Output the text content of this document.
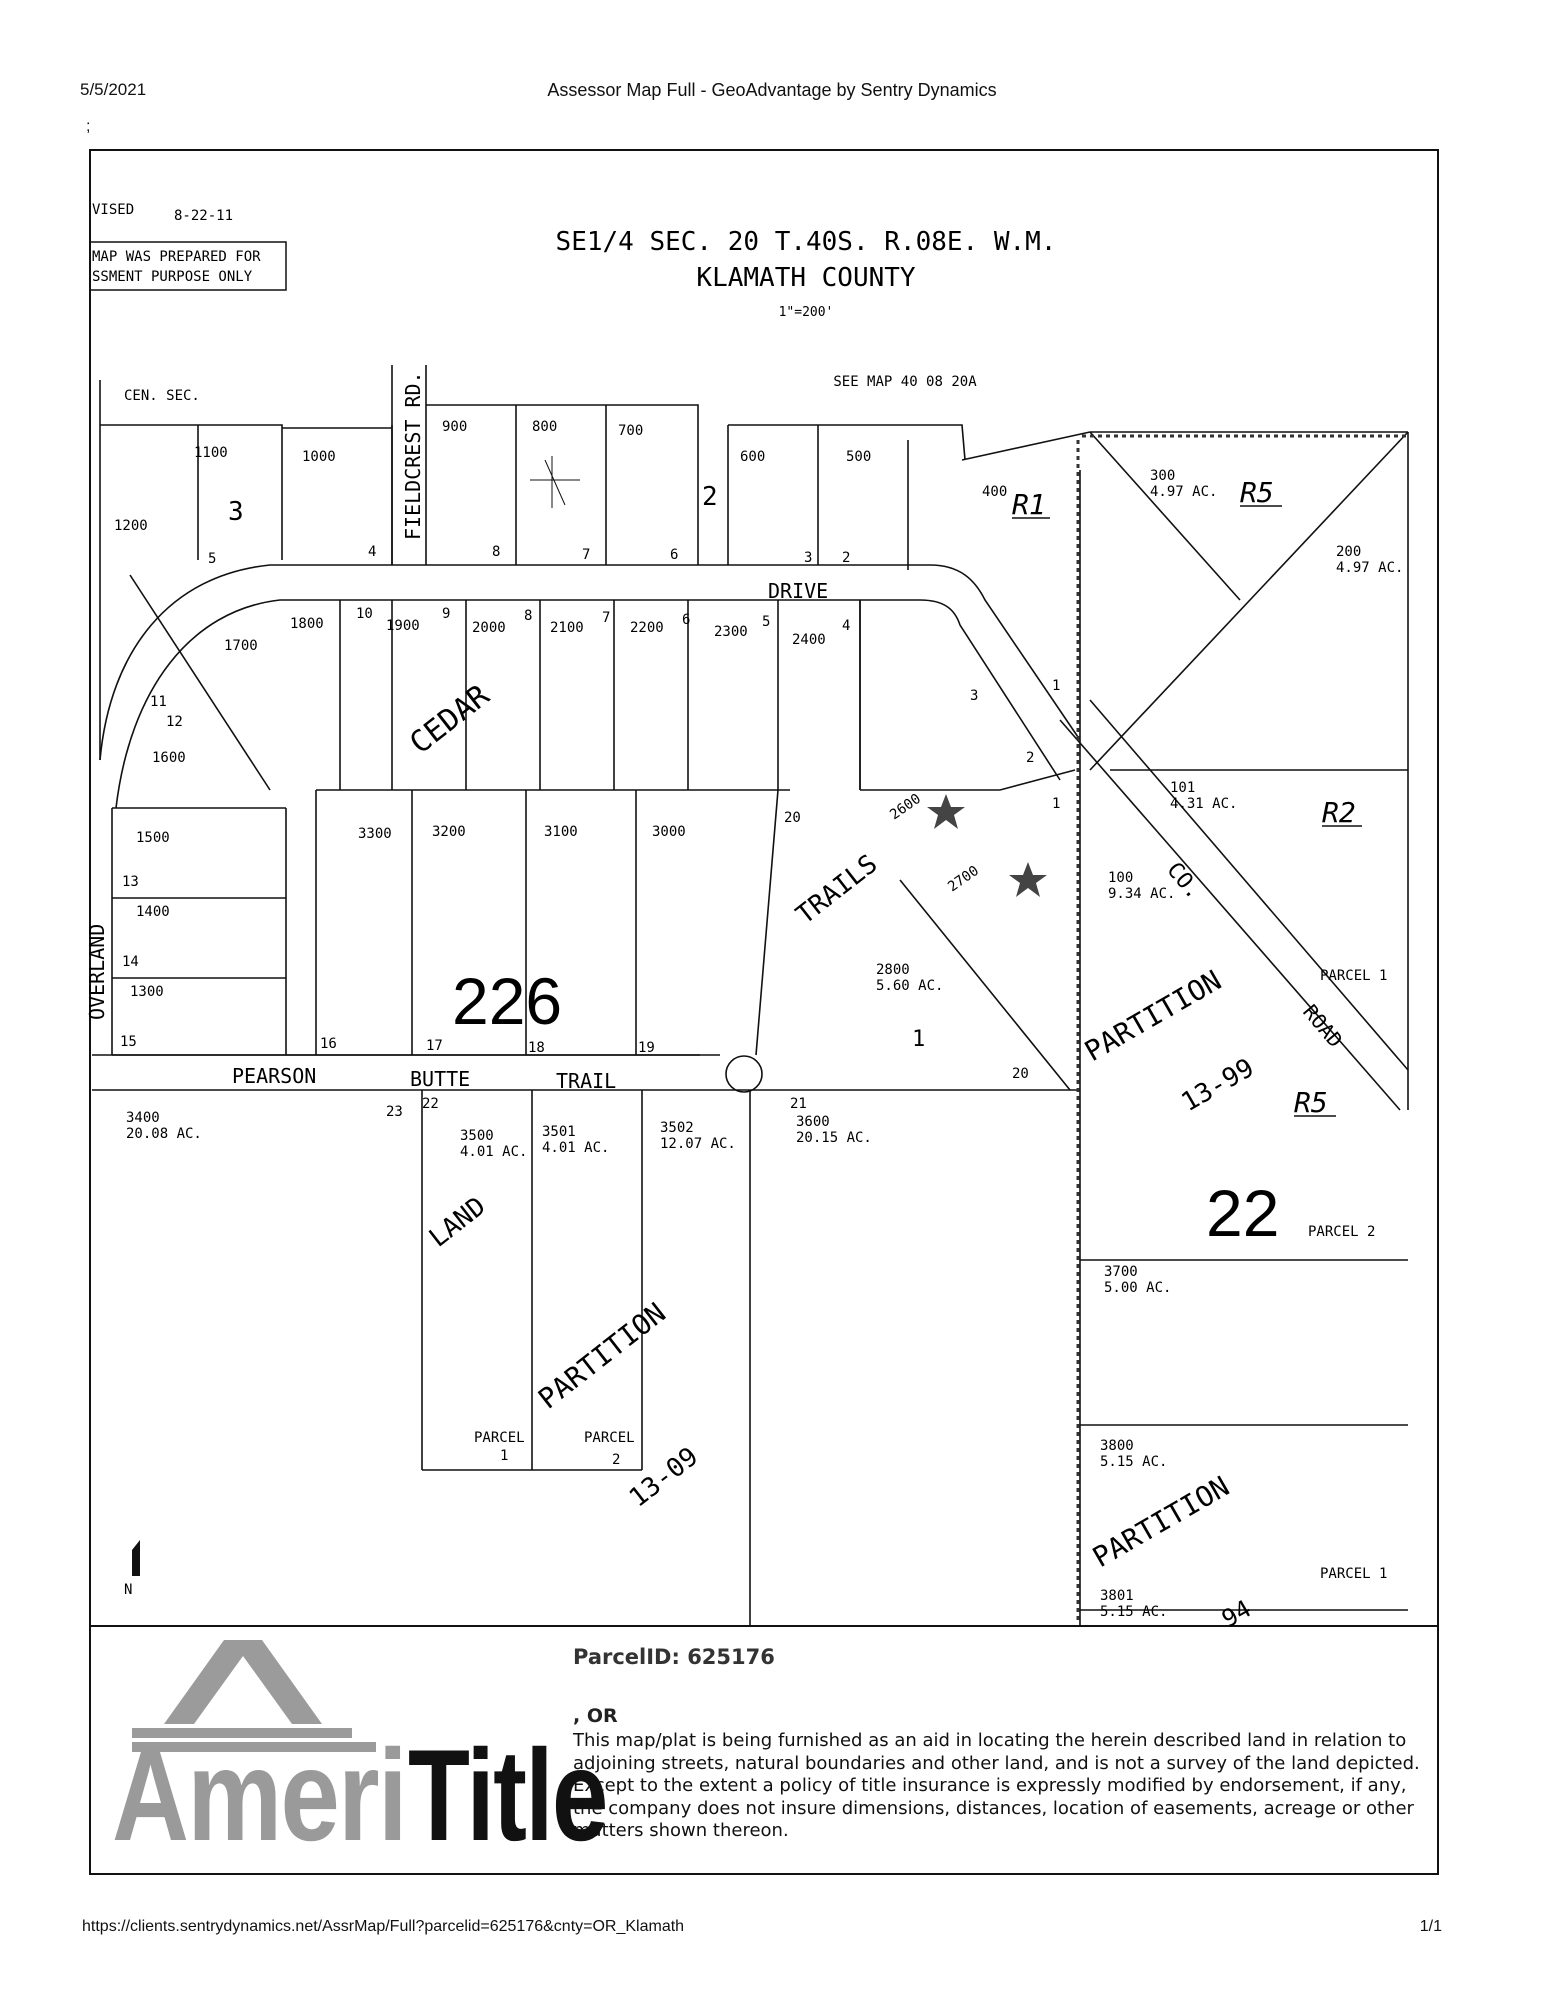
5/5/2021	Assessor Map Full - GeoAdvantage by Sentry Dynamics
;
VISED	8-22-11
MAP WAS PREPARED FOR
SSMENT PURPOSE ONLY
SE1/4 SEC. 20 T.40S. R.08E. W.M.
KLAMATH COUNTY
1"=200'
SEE MAP 40 08 20A
CEN. SEC.	FIELDCREST RD.
DRIVE
CEDAR
TRAILS
OVERLAND
PEARSON	BUTTE	TRAIL
CO.
ROAD
LAND
PARTITION
13-09
PARTITION
13-99
PARTITION
94
R1	R5
R2
R5
226
22
PARCEL 1
PARCEL 2
PARCEL 1
PARCEL
1
PARCEL
2
1100	1000
900	800	700
600	500
400
300
200
1200
1700
1800	1900	2000	2100	2200	2300	2400
1600
1500
1400
1300
3300	3200	3100	3000
2600
2700
2800
3400
3500	3501	3502	3600
101
100
3700
3800
3801
4.97 AC.
4.97 AC.
4.31 AC.
9.34 AC.
5.60 AC.
20.08 AC.
4.01 AC. 4.01 AC.	12.07 AC.	20.15 AC.
5.00 AC.
5.15 AC.
5.15 AC.
3	2
1
1
20
23	21
22
5	4	8	7	6	3 2
10	9	8	7	6	5	4
11
12
13
14
15	16	17	18	19
20
3
2
1
N
AmeriTitle
ParcelID: 625176
, OR
This map/plat is being furnished as an aid in locating the herein described land in relation to adjoining streets, natural boundaries and other land, and is not a survey of the land depicted. Except to the extent a policy of title insurance is expressly modified by endorsement, if any, the company does not insure dimensions, distances, location of easements, acreage or other matters shown thereon.
https://clients.sentrydynamics.net/AssrMap/Full?parcelid=625176&cnty=OR_Klamath	1/1
